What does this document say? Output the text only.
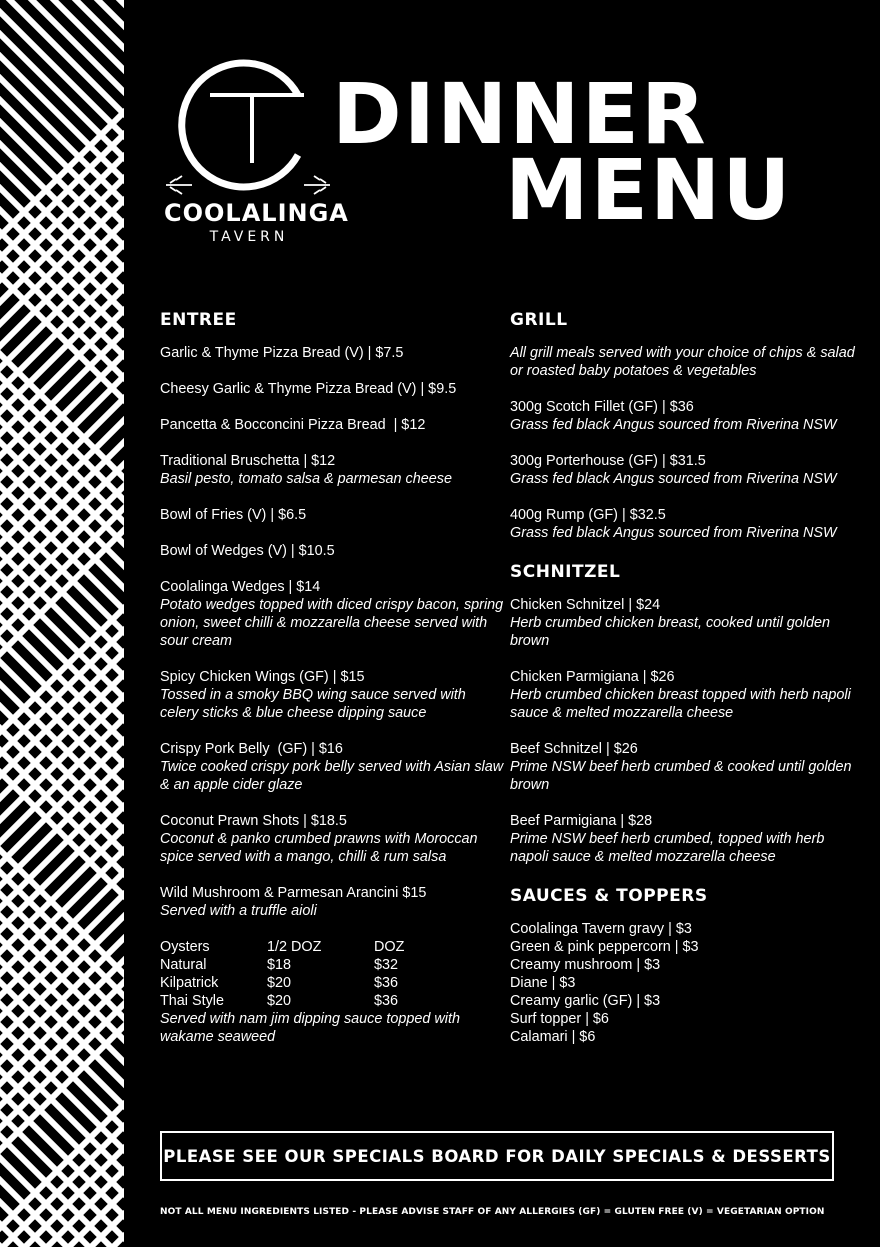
COOLALINGA
TAVERN
DINNER
MENU
ENTREE
Garlic & Thyme Pizza Bread (V) | $7.5
Cheesy Garlic & Thyme Pizza Bread (V) | $9.5
Pancetta & Bocconcini Pizza Bread  | $12
Traditional Bruschetta | $12
Basil pesto, tomato salsa & parmesan cheese
Bowl of Fries (V) | $6.5
Bowl of Wedges (V) | $10.5
Coolalinga Wedges | $14
Potato wedges topped with diced crispy bacon, spring onion, sweet chilli & mozzarella cheese served with sour cream
Spicy Chicken Wings (GF) | $15
Tossed in a smoky BBQ wing sauce served with celery sticks & blue cheese dipping sauce
Crispy Pork Belly  (GF) | $16
Twice cooked crispy pork belly served with Asian slaw & an apple cider glaze
Coconut Prawn Shots | $18.5
Coconut & panko crumbed prawns with Moroccan spice served with a mango, chilli & rum salsa
Wild Mushroom & Parmesan Arancini $15
Served with a truffle aioli
Oysters	1/2 DOZ	DOZ
Natural	$18	$32
Kilpatrick	$20	$36
Thai Style	$20	$36
Served with nam jim dipping sauce topped with wakame seaweed
GRILL
All grill meals served with your choice of chips & salad or roasted baby potatoes & vegetables
300g Scotch Fillet (GF) | $36
Grass fed black Angus sourced from Riverina NSW
300g Porterhouse (GF) | $31.5
Grass fed black Angus sourced from Riverina NSW
400g Rump (GF) | $32.5
Grass fed black Angus sourced from Riverina NSW
SCHNITZEL
Chicken Schnitzel | $24
Herb crumbed chicken breast, cooked until golden brown
Chicken Parmigiana | $26
Herb crumbed chicken breast topped with herb napoli sauce & melted mozzarella cheese
Beef Schnitzel | $26
Prime NSW beef herb crumbed & cooked until golden brown
Beef Parmigiana | $28
Prime NSW beef herb crumbed, topped with herb napoli sauce & melted mozzarella cheese
SAUCES & TOPPERS
Coolalinga Tavern gravy | $3
Green & pink peppercorn | $3
Creamy mushroom | $3
Diane | $3
Creamy garlic (GF) | $3
Surf topper | $6
Calamari | $6
PLEASE SEE OUR SPECIALS BOARD FOR DAILY SPECIALS & DESSERTS
NOT ALL MENU INGREDIENTS LISTED - PLEASE ADVISE STAFF OF ANY ALLERGIES (GF) = GLUTEN FREE (V) = VEGETARIAN OPTION
